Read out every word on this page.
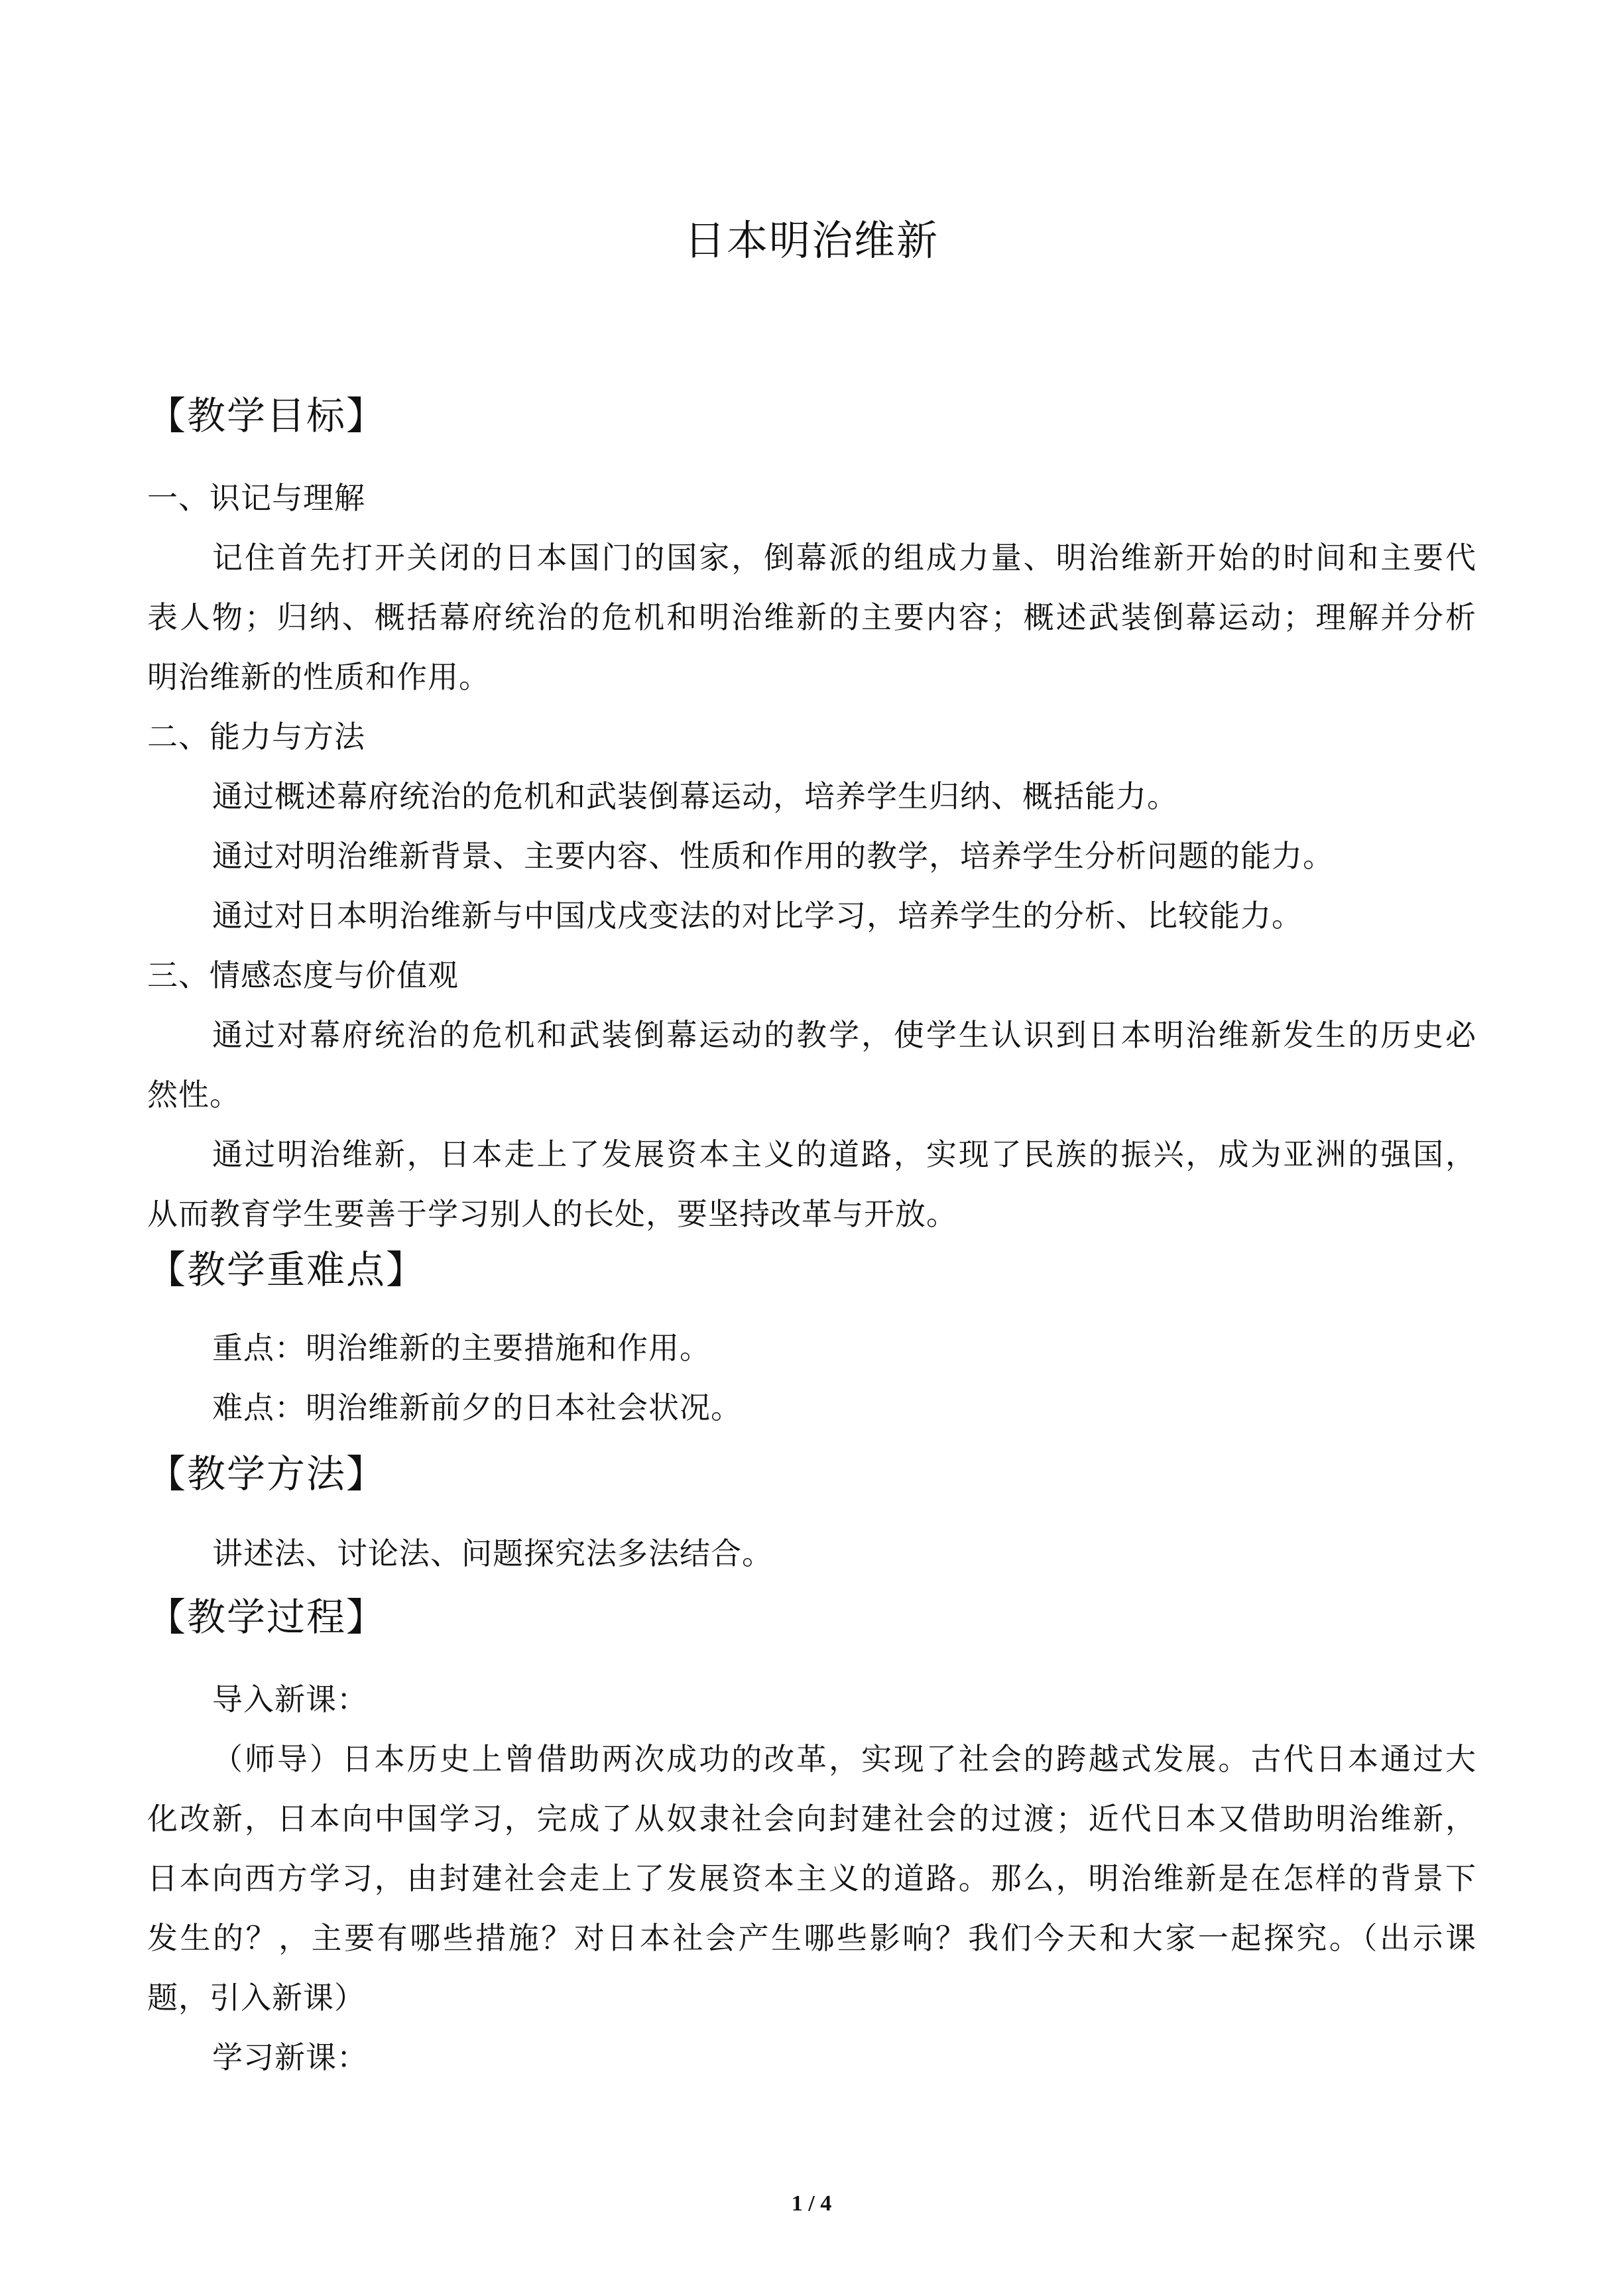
日本明治维新
【教学目标】
一、识记与理解
记住首先打开关闭的日本国门的国家，倒幕派的组成力量、明治维新开始的时间和主要代
表人物；归纳、概括幕府统治的危机和明治维新的主要内容；概述武装倒幕运动；理解并分析
明治维新的性质和作用。
二、能力与方法
通过概述幕府统治的危机和武装倒幕运动，培养学生归纳、概括能力。
通过对明治维新背景、主要内容、性质和作用的教学，培养学生分析问题的能力。
通过对日本明治维新与中国戊戌变法的对比学习，培养学生的分析、比较能力。
三、情感态度与价值观
通过对幕府统治的危机和武装倒幕运动的教学，使学生认识到日本明治维新发生的历史必
然性。
通过明治维新，日本走上了发展资本主义的道路，实现了民族的振兴，成为亚洲的强国，
从而教育学生要善于学习别人的长处，要坚持改革与开放。
【教学重难点】
重点：明治维新的主要措施和作用。
难点：明治维新前夕的日本社会状况。
【教学方法】
讲述法、讨论法、问题探究法多法结合。
【教学过程】
导入新课：
（师导）日本历史上曾借助两次成功的改革，实现了社会的跨越式发展。古代日本通过大
化改新，日本向中国学习，完成了从奴隶社会向封建社会的过渡；近代日本又借助明治维新，
日本向西方学习，由封建社会走上了发展资本主义的道路。那么，明治维新是在怎样的背景下
发生的？，主要有哪些措施？对日本社会产生哪些影响？我们今天和大家一起探究。（出示课
题，引入新课）
学习新课：
1 / 4
